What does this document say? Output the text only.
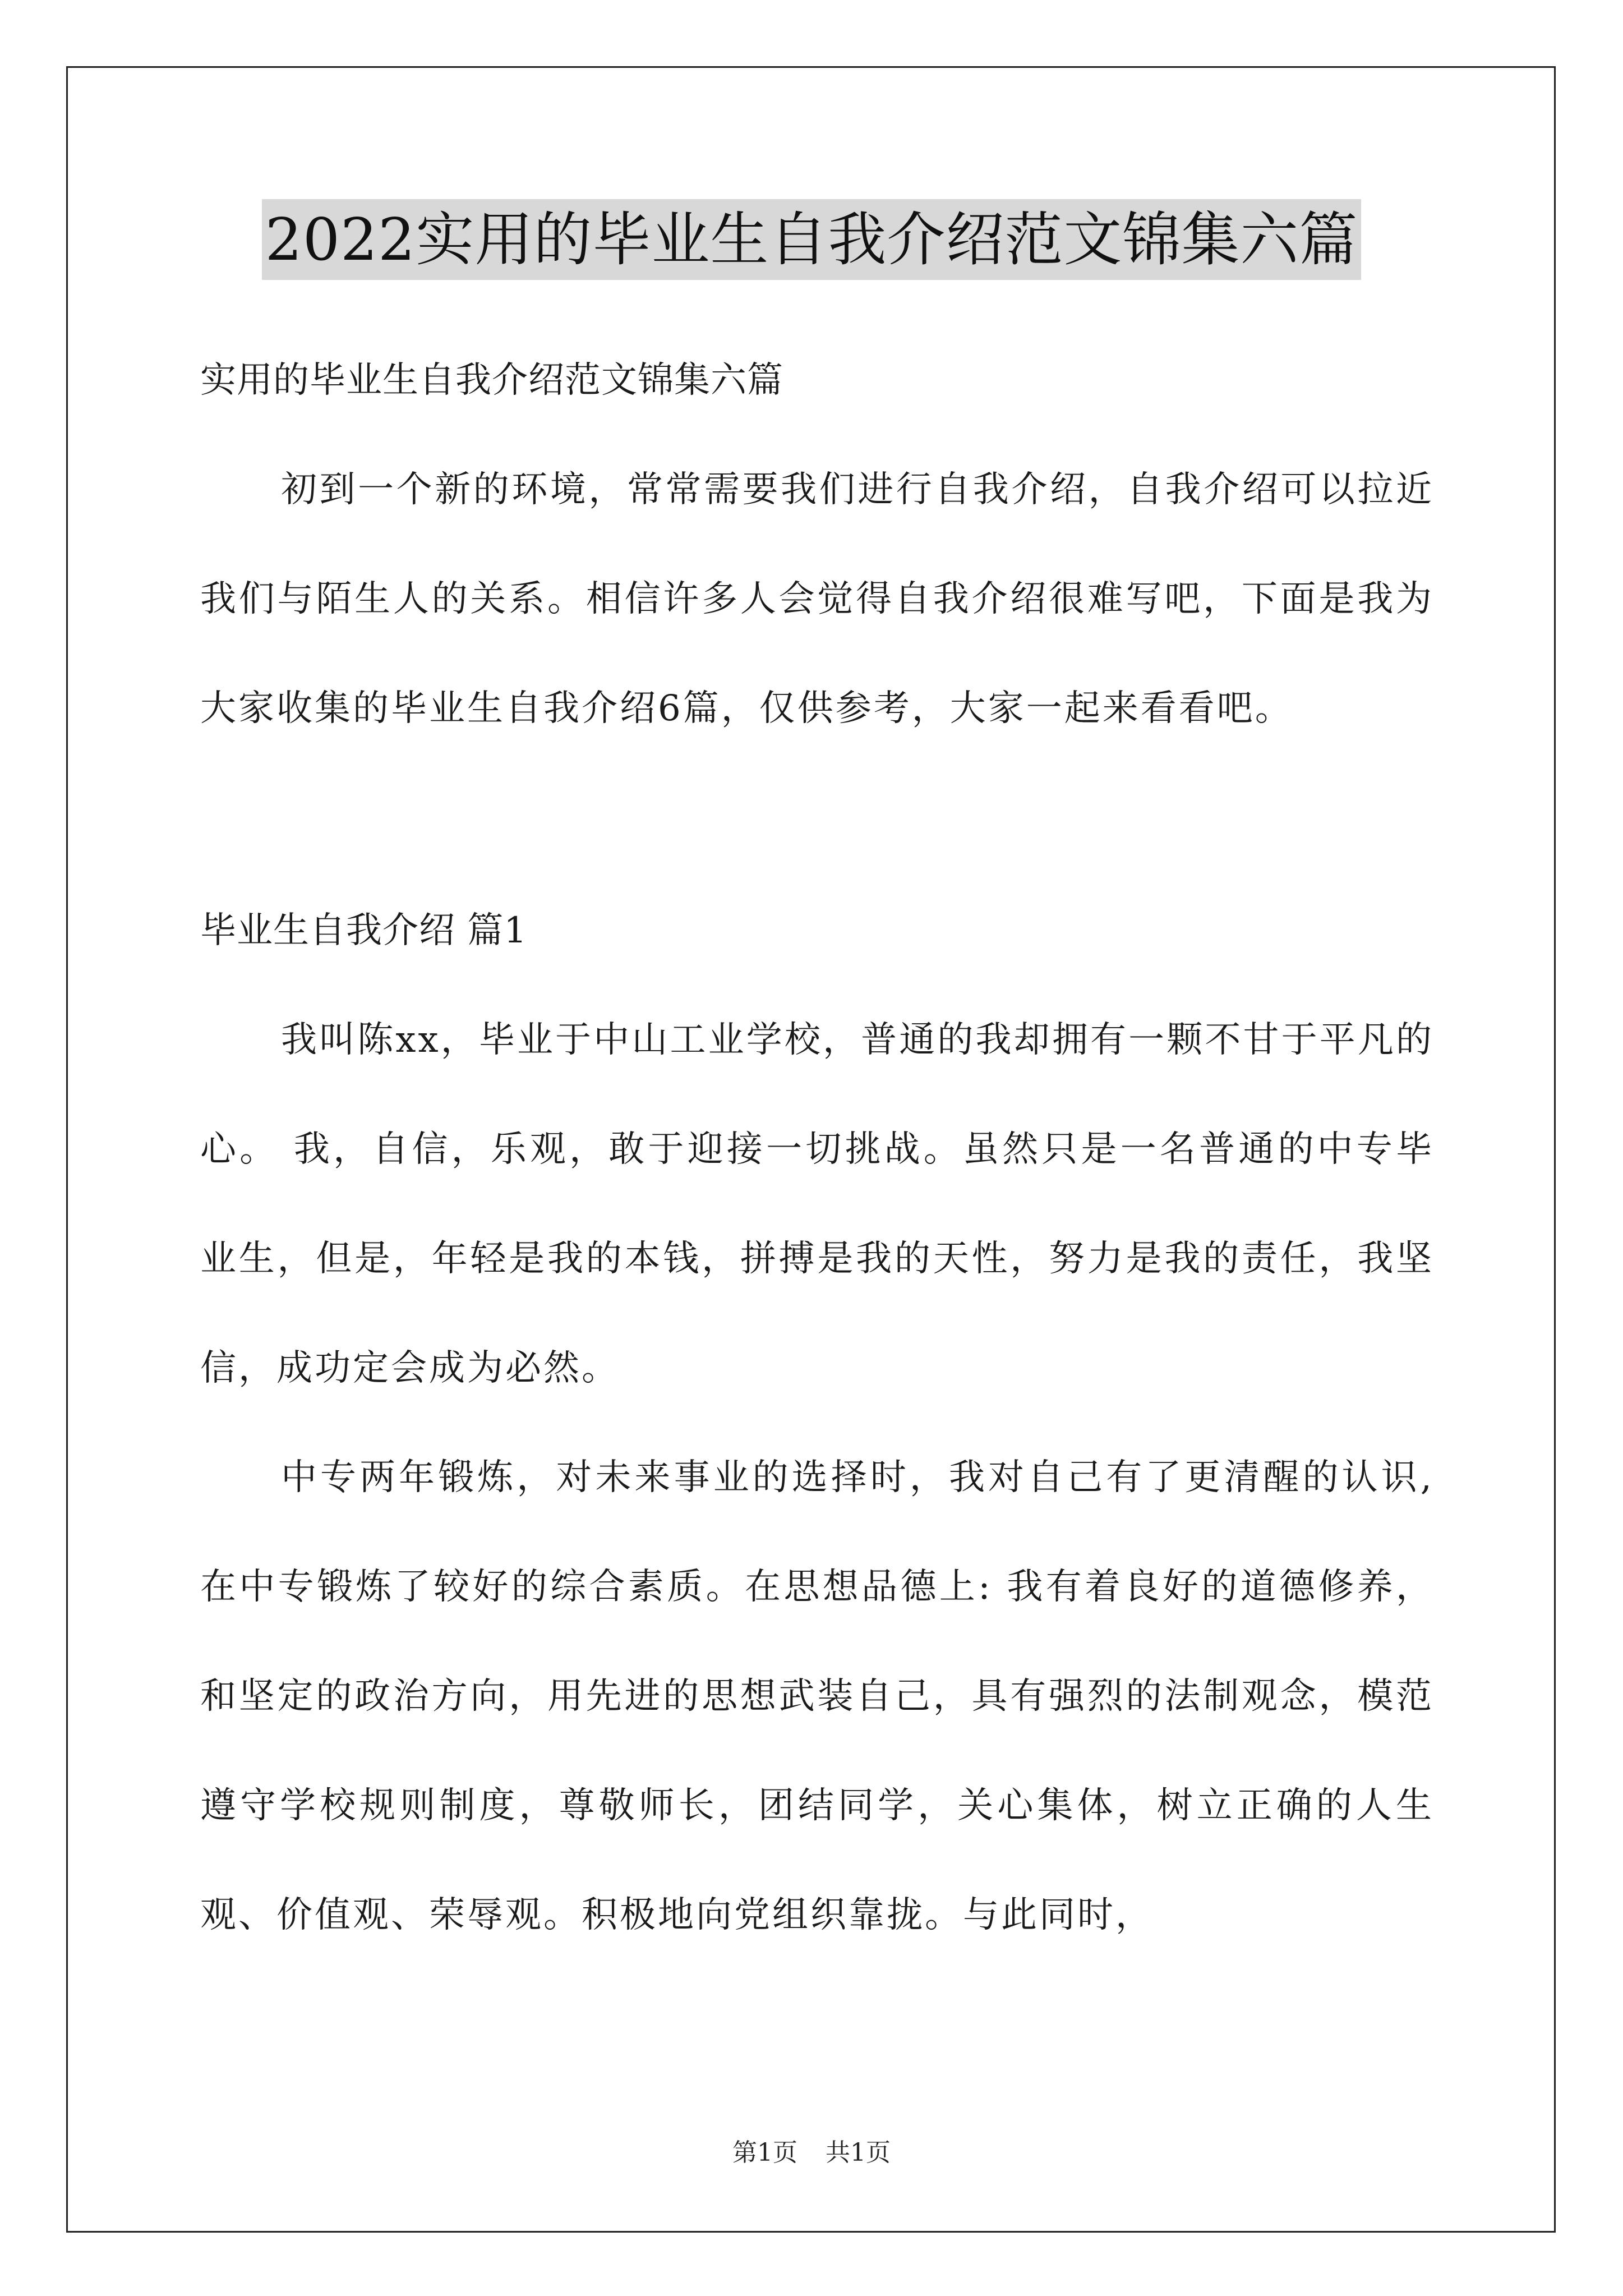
2022实用的毕业生自我介绍范文锦集六篇
实用的毕业生自我介绍范文锦集六篇

初到一个新的环境，常常需要我们进行自我介绍，自我介绍可以拉近我们与陌生人的关系。相信许多人会觉得自我介绍很难写吧，下面是我为大家收集的毕业生自我介绍6篇，仅供参考，大家一起来看看吧。

毕业生自我介绍 篇1

我叫陈xx，毕业于中山工业学校，普通的我却拥有一颗不甘于平凡的心。 我，自信，乐观，敢于迎接一切挑战。虽然只是一名普通的中专毕业生，但是，年轻是我的本钱，拼搏是我的天性，努力是我的责任，我坚信，成功定会成为必然。

中专两年锻炼，对未来事业的选择时，我对自己有了更清醒的认识,在中专锻炼了较好的综合素质。在思想品德上: 我有着良好的道德修养，和坚定的政治方向，用先进的思想武装自己，具有强烈的法制观念，模范遵守学校规则制度，尊敬师长，团结同学，关心集体，树立正确的人生观、价值观、荣辱观。积极地向党组织靠拢。与此同时，

第1页 共1页
